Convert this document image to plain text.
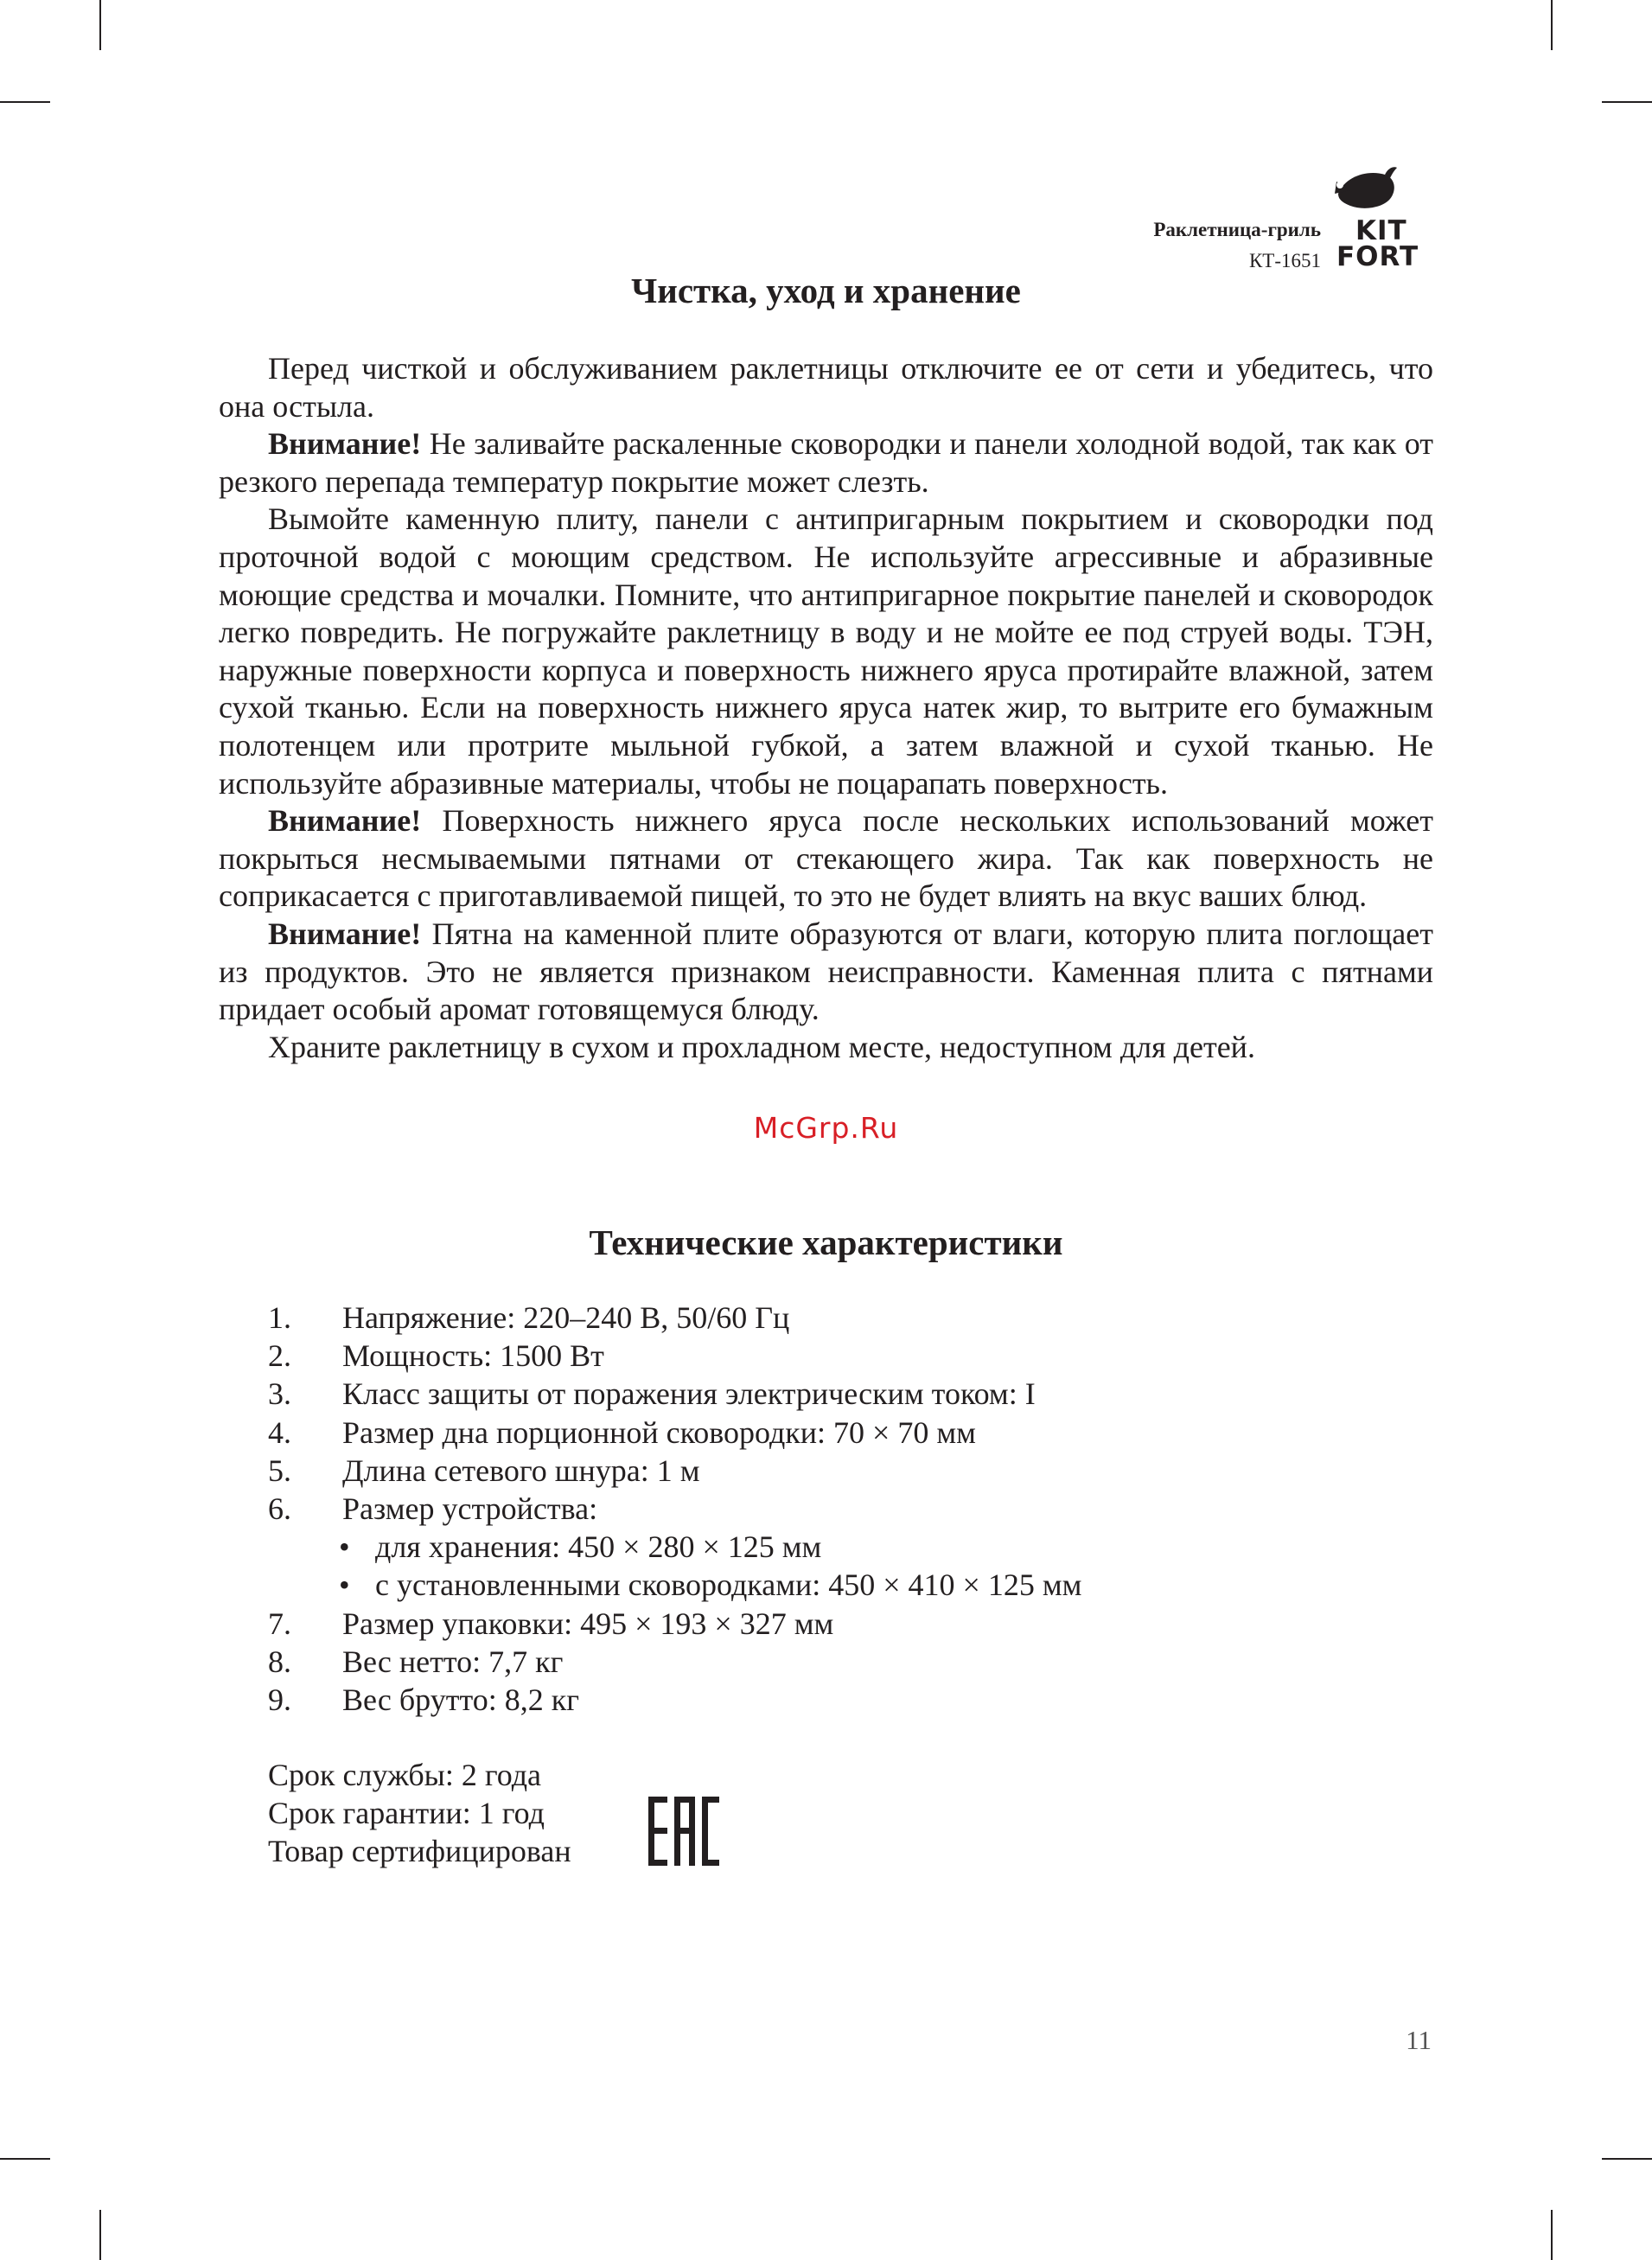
Раклетница-гриль
КТ-1651
KIT
FORT
Чистка, уход и хранение

Перед чисткой и обслуживанием раклетницы отключите ее от сети и убедитесь, что она остыла.

Внимание! Не заливайте раскаленные сковородки и панели холодной водой, так как от резкого перепада температур покрытие может слезть.

Вымойте каменную плиту, панели с антипригарным покрытием и сковородки под проточной водой с моющим средством. Не используйте агрессивные и абразивные моющие средства и мочалки. Помните, что антипригарное покрытие панелей и сковородок легко повредить. Не погружайте раклетницу в воду и не мойте ее под струей воды. ТЭН, наружные поверхности корпуса и поверхность нижнего яруса протирайте влажной, затем сухой тканью. Если на поверхность нижнего яруса натек жир, то вытрите его бумажным полотенцем или протрите мыльной губкой, а затем влажной и сухой тканью. Не используйте абразивные материалы, чтобы не поцарапать поверхность.

Внимание! Поверхность нижнего яруса после нескольких использований может покрыться несмываемыми пятнами от стекающего жира. Так как поверхность не соприкасается с приготавливаемой пищей, то это не будет влиять на вкус ваших блюд.

Внимание! Пятна на каменной плите образуются от влаги, которую плита поглощает из продуктов. Это не является признаком неисправности. Каменная плита с пятнами придает особый аромат готовящемуся блюду.

Храните раклетницу в сухом и прохладном месте, недоступном для детей.

McGrp.Ru
Технические характеристики
1. Напряжение: 220–240 В, 50/60 Гц
2. Мощность: 1500 Вт
3. Класс защиты от поражения электрическим током: I
4. Размер дна порционной сковородки: 70 × 70 мм
5. Длина сетевого шнура: 1 м
6. Размер устройства:
• для хранения: 450 × 280 × 125 мм
• с установленными сковородками: 450 × 410 × 125 мм
7. Размер упаковки: 495 × 193 × 327 мм
8. Вес нетто: 7,7 кг
9. Вес брутто: 8,2 кг
Срок службы: 2 года
Срок гарантии: 1 год
Товар сертифицирован
11
